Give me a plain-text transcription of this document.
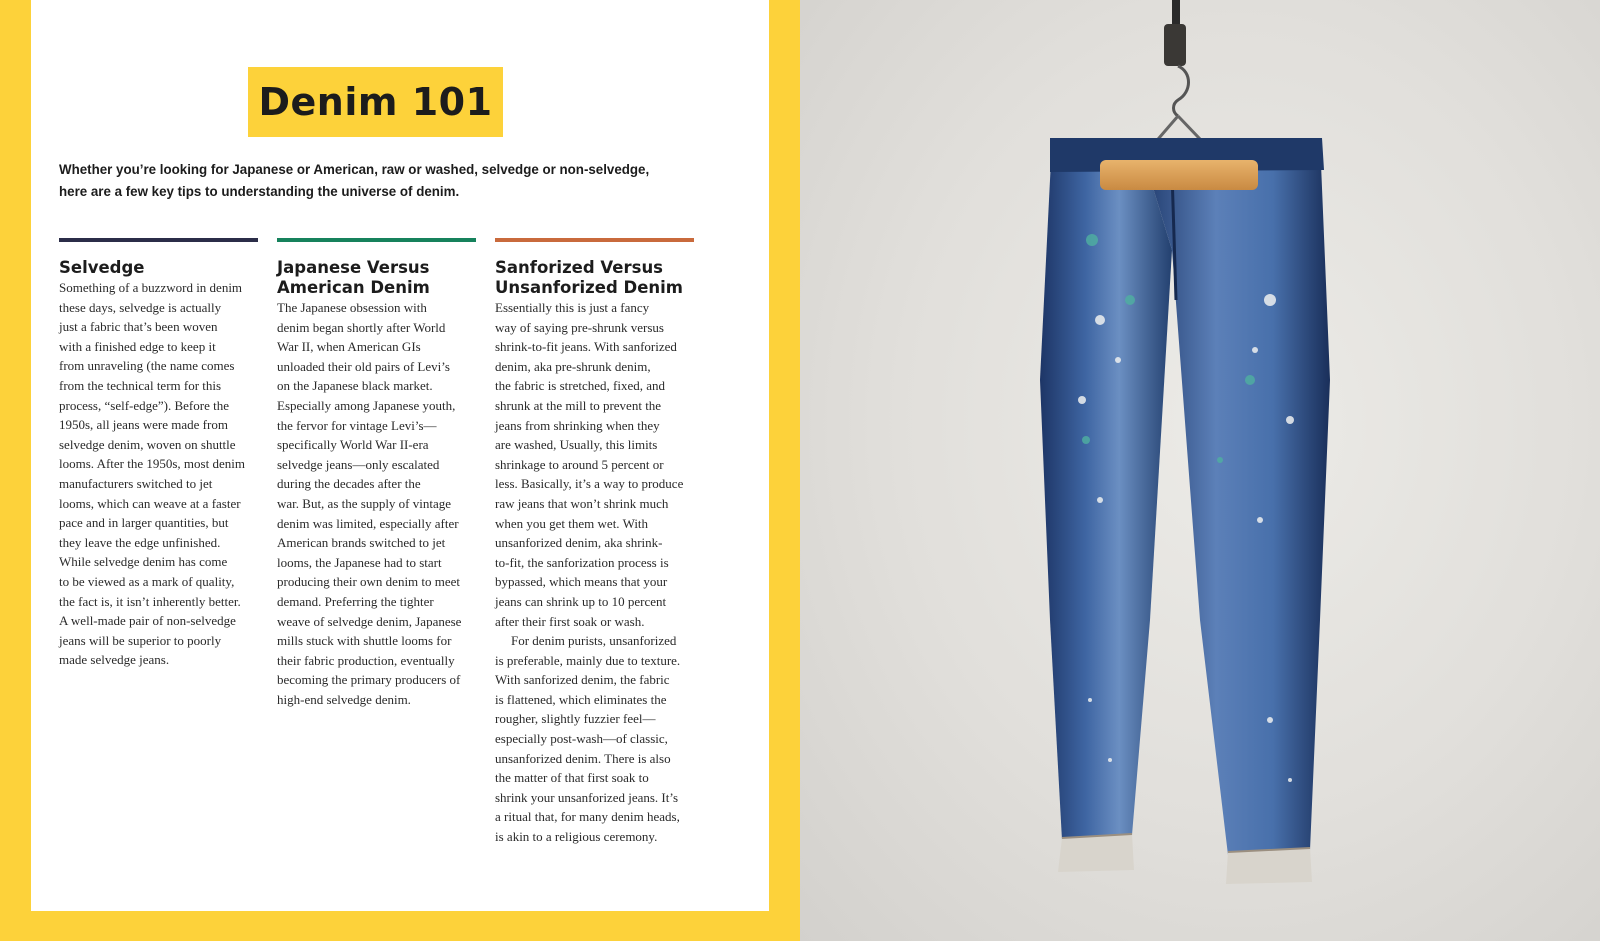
Denim 101
Whether you’re looking for Japanese or American, raw or washed, selvedge or non-selvedge,
here are a few key tips to understanding the universe of denim.
Selvedge
Something of a buzzword in denim
these days, selvedge is actually
just a fabric that’s been woven
with a finished edge to keep it
from unraveling (the name comes
from the technical term for this
process, “self-edge”). Before the
1950s, all jeans were made from
selvedge denim, woven on shuttle
looms. After the 1950s, most denim
manufacturers switched to jet
looms, which can weave at a faster
pace and in larger quantities, but
they leave the edge unfinished.
While selvedge denim has come
to be viewed as a mark of quality,
the fact is, it isn’t inherently better.
A well-made pair of non-selvedge
jeans will be superior to poorly
made selvedge jeans.
Japanese Versus
American Denim
The Japanese obsession with
denim began shortly after World
War II, when American GIs
unloaded their old pairs of Levi’s
on the Japanese black market.
Especially among Japanese youth,
the fervor for vintage Levi’s—
specifically World War II-era
selvedge jeans—only escalated
during the decades after the
war. But, as the supply of vintage
denim was limited, especially after
American brands switched to jet
looms, the Japanese had to start
producing their own denim to meet
demand. Preferring the tighter
weave of selvedge denim, Japanese
mills stuck with shuttle looms for
their fabric production, eventually
becoming the primary producers of
high-end selvedge denim.
Sanforized Versus
Unsanforized Denim
Essentially this is just a fancy
way of saying pre-shrunk versus
shrink-to-fit jeans. With sanforized
denim, aka pre-shrunk denim,
the fabric is stretched, fixed, and
shrunk at the mill to prevent the
jeans from shrinking when they
are washed, Usually, this limits
shrinkage to around 5 percent or
less. Basically, it’s a way to produce
raw jeans that won’t shrink much
when you get them wet. With
unsanforized denim, aka shrink-
to-fit, the sanforization process is
bypassed, which means that your
jeans can shrink up to 10 percent
after their first soak or wash.
For denim purists, unsanforized
is preferable, mainly due to texture.
With sanforized denim, the fabric
is flattened, which eliminates the
rougher, slightly fuzzier feel—
especially post-wash—of classic,
unsanforized denim. There is also
the matter of that first soak to
shrink your unsanforized jeans. It’s
a ritual that, for many denim heads,
is akin to a religious ceremony.
